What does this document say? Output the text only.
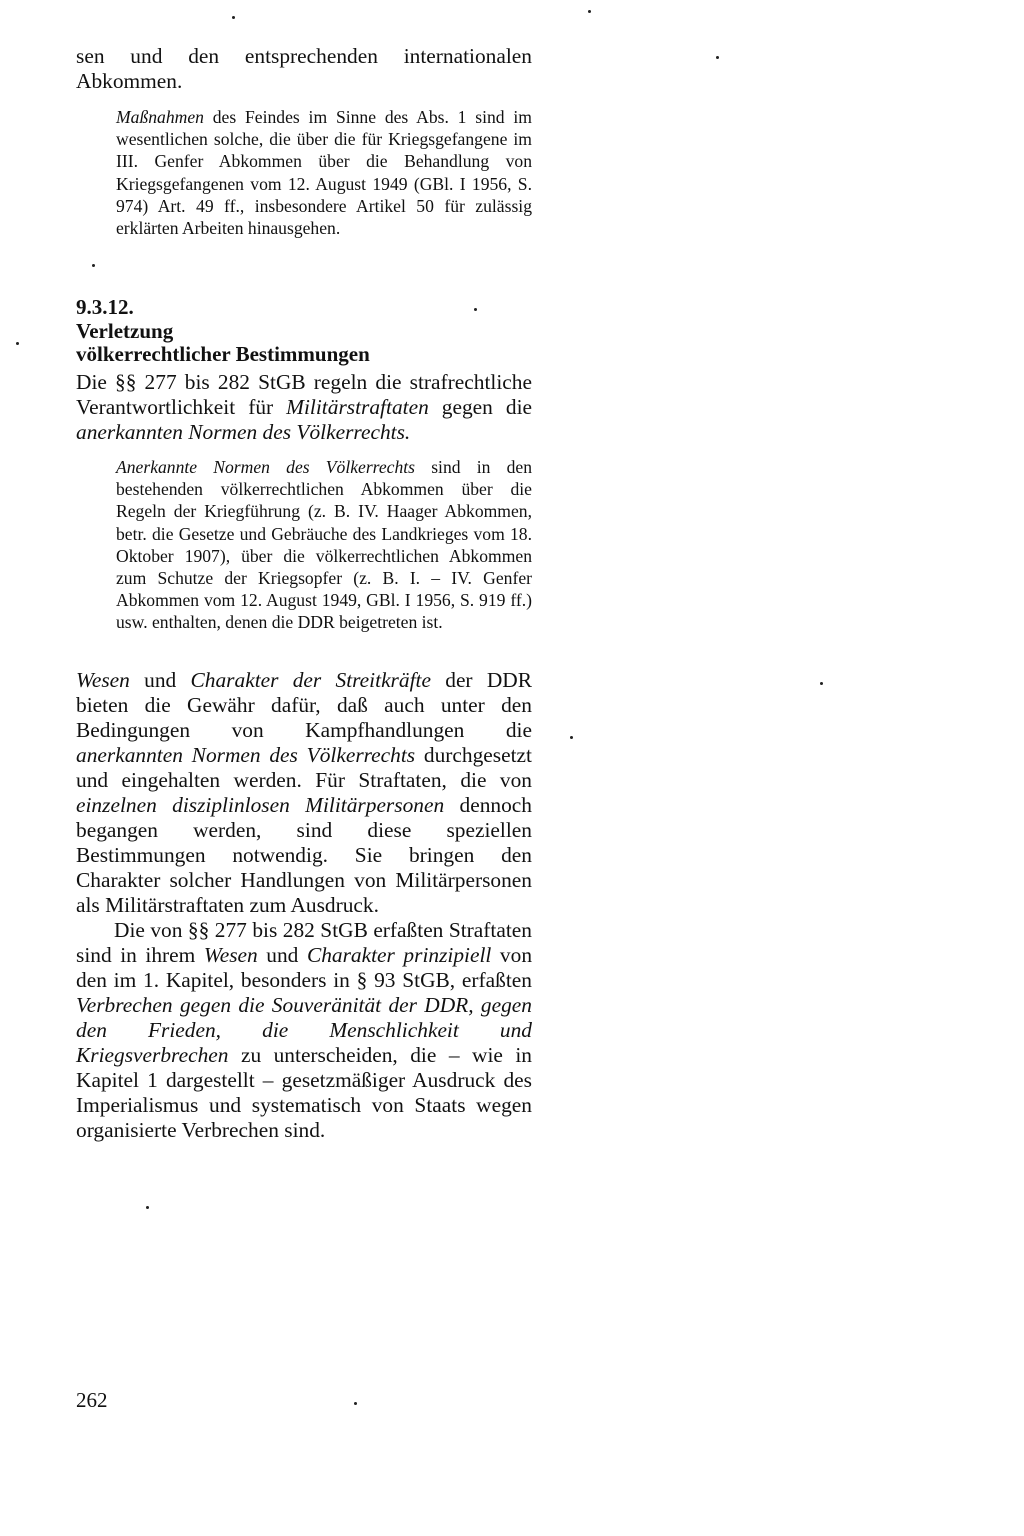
sen und den entsprechenden internationalen Abkommen.

Maßnahmen des Feindes im Sinne des Abs. 1 sind im wesentlichen solche, die über die für Kriegsgefangene im III. Genfer Abkommen über die Behandlung von Kriegsgefangenen vom 12. August 1949 (GBl. I 1956, S. 974) Art. 49 ff., insbesondere Artikel 50 für zulässig erklärten Arbeiten hinausgehen.

9.3.12.
Verletzung
völkerrechtlicher Bestimmungen

Die §§ 277 bis 282 StGB regeln die strafrechtliche Verantwortlichkeit für Militärstraftaten gegen die anerkannten Normen des Völkerrechts.

Anerkannte Normen des Völkerrechts sind in den bestehenden völkerrechtlichen Abkommen über die Regeln der Kriegführung (z. B. IV. Haager Abkommen, betr. die Gesetze und Gebräuche des Landkrieges vom 18. Oktober 1907), über die völkerrechtlichen Abkommen zum Schutze der Kriegsopfer (z. B. I. – IV. Genfer Abkommen vom 12. August 1949, GBl. I 1956, S. 919 ff.) usw. enthalten, denen die DDR beigetreten ist.

Wesen und Charakter der Streitkräfte der DDR bieten die Gewähr dafür, daß auch unter den Bedingungen von Kampfhandlungen die anerkannten Normen des Völkerrechts durchgesetzt und eingehalten werden. Für Straftaten, die von einzelnen disziplinlosen Militärpersonen dennoch begangen werden, sind diese speziellen Bestimmungen notwendig. Sie bringen den Charakter solcher Handlungen von Militärpersonen als Militärstraftaten zum Ausdruck.

Die von §§ 277 bis 282 StGB erfaßten Straftaten sind in ihrem Wesen und Charakter prinzipiell von den im 1. Kapitel, besonders in § 93 StGB, erfaßten Verbrechen gegen die Souveränität der DDR, gegen den Frieden, die Menschlichkeit und Kriegsverbrechen zu unterscheiden, die – wie in Kapitel 1 dargestellt – gesetzmäßiger Ausdruck des Imperialismus und systematisch von Staats wegen organisierte Verbrechen sind.

262
